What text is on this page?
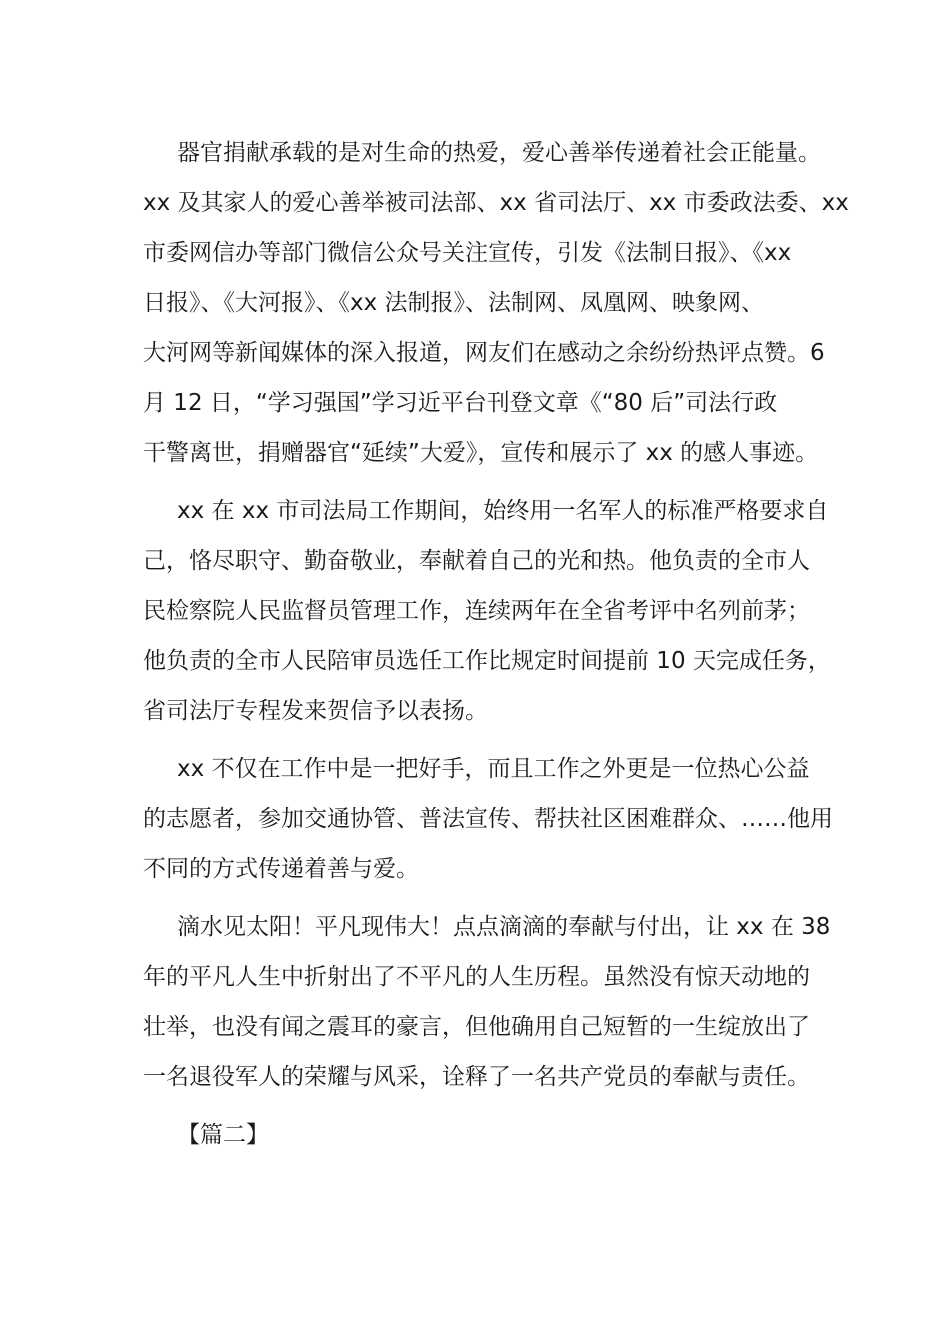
器官捐献承载的是对生命的热爱，爱心善举传递着社会正能量。
xx 及其家人的爱心善举被司法部、xx 省司法厅、xx 市委政法委、xx
市委网信办等部门微信公众号关注宣传，引发《法制日报》、《xx
日报》、《大河报》、《xx 法制报》、法制网、凤凰网、映象网、
大河网等新闻媒体的深入报道，网友们在感动之余纷纷热评点赞。6
月 12 日，“学习强国”学习近平台刊登文章《“80 后”司法行政
干警离世，捐赠器官“延续”大爱》，宣传和展示了 xx 的感人事迹。
xx 在 xx 市司法局工作期间，始终用一名军人的标准严格要求自
己，恪尽职守、勤奋敬业，奉献着自己的光和热。他负责的全市人
民检察院人民监督员管理工作，连续两年在全省考评中名列前茅；
他负责的全市人民陪审员选任工作比规定时间提前 10 天完成任务，
省司法厅专程发来贺信予以表扬。
xx 不仅在工作中是一把好手，而且工作之外更是一位热心公益
的志愿者，参加交通协管、普法宣传、帮扶社区困难群众、……他用
不同的方式传递着善与爱。
滴水见太阳！平凡现伟大！点点滴滴的奉献与付出，让 xx 在 38
年的平凡人生中折射出了不平凡的人生历程。虽然没有惊天动地的
壮举，也没有闻之震耳的豪言，但他确用自己短暂的一生绽放出了
一名退役军人的荣耀与风采，诠释了一名共产党员的奉献与责任。
【篇二】
